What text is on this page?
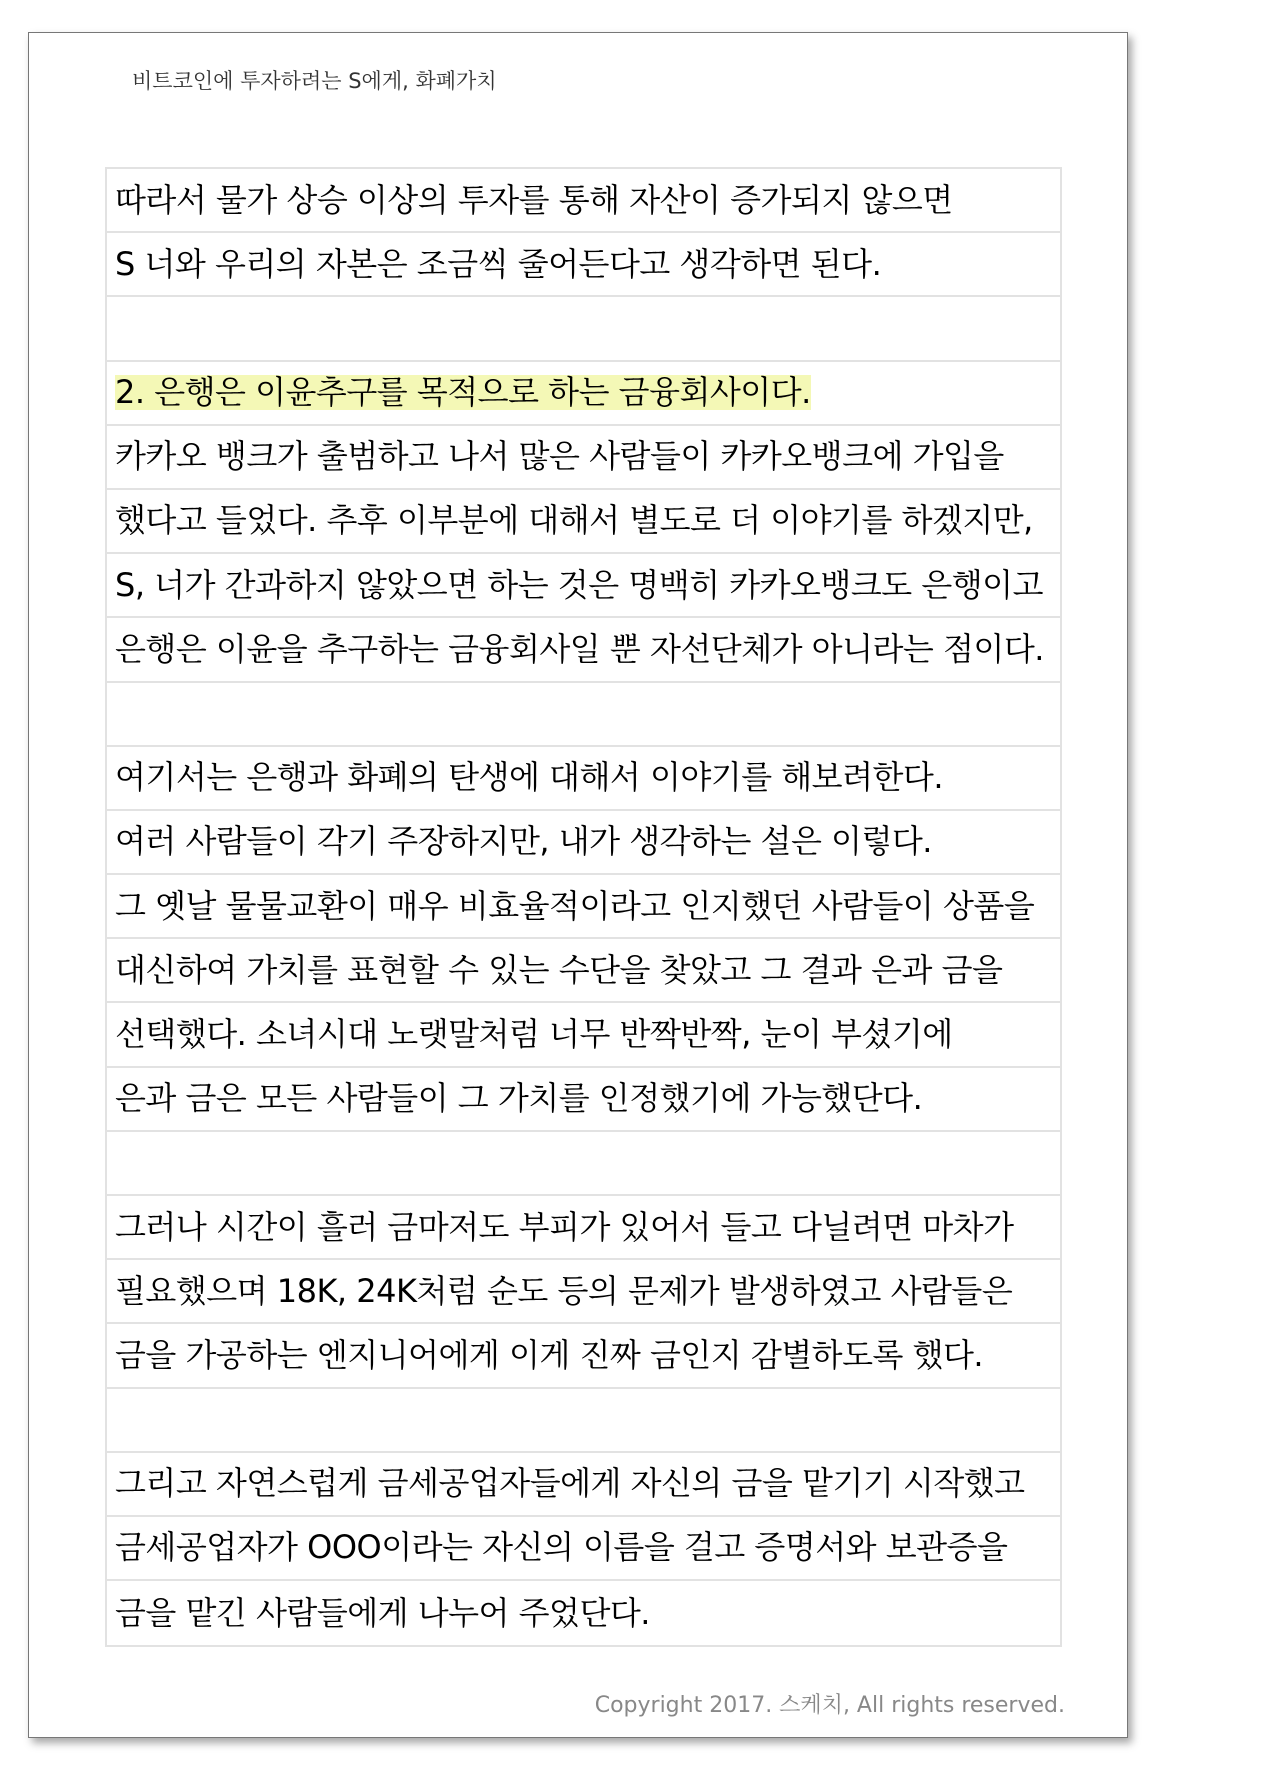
비트코인에 투자하려는 S에게, 화폐가치
따라서 물가 상승 이상의 투자를 통해 자산이 증가되지 않으면
S 너와 우리의 자본은 조금씩 줄어든다고 생각하면 된다.
2. 은행은 이윤추구를 목적으로 하는 금융회사이다.
카카오 뱅크가 출범하고 나서 많은 사람들이 카카오뱅크에 가입을
했다고 들었다. 추후 이부분에 대해서 별도로 더 이야기를 하겠지만,
S, 너가 간과하지 않았으면 하는 것은 명백히 카카오뱅크도 은행이고
은행은 이윤을 추구하는 금융회사일 뿐 자선단체가 아니라는 점이다.
여기서는 은행과 화폐의 탄생에 대해서 이야기를 해보려한다.
여러 사람들이 각기 주장하지만, 내가 생각하는 설은 이렇다.
그 옛날 물물교환이 매우 비효율적이라고 인지했던 사람들이 상품을
대신하여 가치를 표현할 수 있는 수단을 찾았고 그 결과 은과 금을
선택했다. 소녀시대 노랫말처럼 너무 반짝반짝, 눈이 부셨기에
은과 금은 모든 사람들이 그 가치를 인정했기에 가능했단다.
그러나 시간이 흘러 금마저도 부피가 있어서 들고 다닐려면 마차가
필요했으며 18K, 24K처럼 순도 등의 문제가 발생하였고 사람들은
금을 가공하는 엔지니어에게 이게 진짜 금인지 감별하도록 했다.
그리고 자연스럽게 금세공업자들에게 자신의 금을 맡기기 시작했고
금세공업자가 OOO이라는 자신의 이름을 걸고 증명서와 보관증을
금을 맡긴 사람들에게 나누어 주었단다.
Copyright 2017. 스케치, All rights reserved.
